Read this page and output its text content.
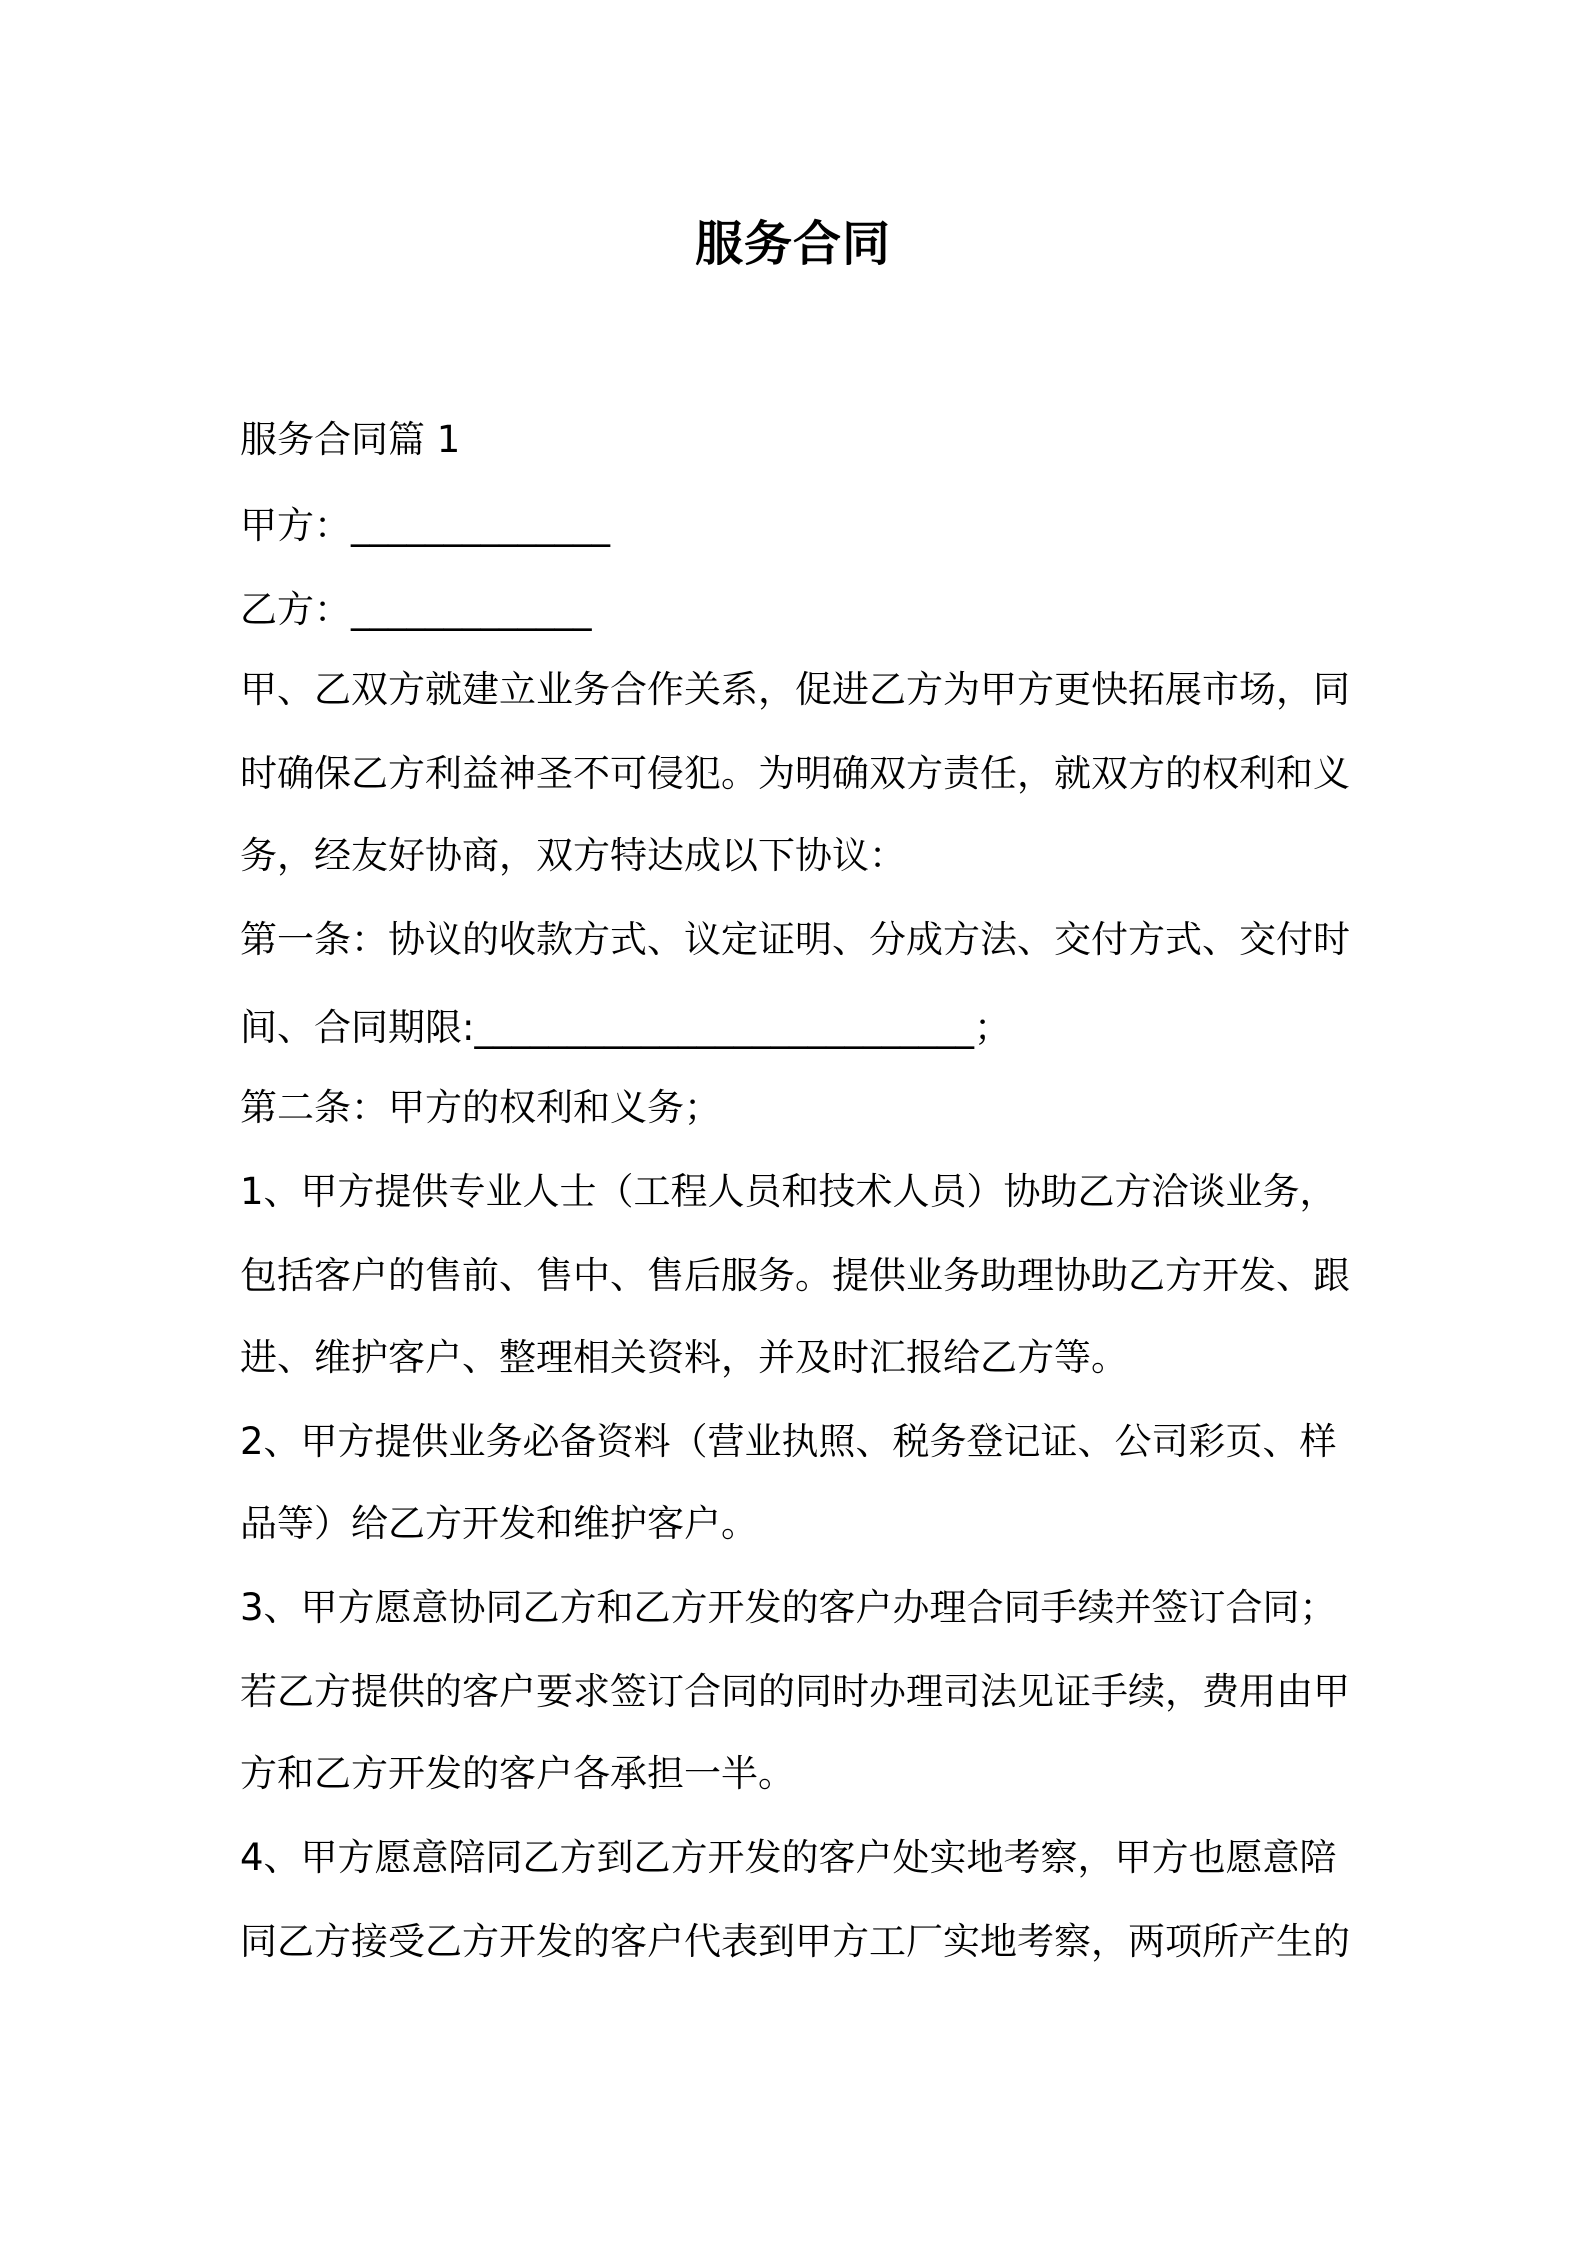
服务合同
服务合同篇 1
甲方：______________
乙方：_____________
甲、乙双方就建立业务合作关系，促进乙方为甲方更快拓展市场，同
时确保乙方利益神圣不可侵犯。为明确双方责任，就双方的权利和义
务，经友好协商，双方特达成以下协议：
第一条：协议的收款方式、议定证明、分成方法、交付方式、交付时
间、合同期限:___________________________；
第二条：甲方的权利和义务；
1、甲方提供专业人士（工程人员和技术人员）协助乙方洽谈业务，
包括客户的售前、售中、售后服务。提供业务助理协助乙方开发、跟
进、维护客户、整理相关资料，并及时汇报给乙方等。
2、甲方提供业务必备资料（营业执照、税务登记证、公司彩页、样
品等）给乙方开发和维护客户。
3、甲方愿意协同乙方和乙方开发的客户办理合同手续并签订合同；
若乙方提供的客户要求签订合同的同时办理司法见证手续，费用由甲
方和乙方开发的客户各承担一半。
4、甲方愿意陪同乙方到乙方开发的客户处实地考察，甲方也愿意陪
同乙方接受乙方开发的客户代表到甲方工厂实地考察，两项所产生的
